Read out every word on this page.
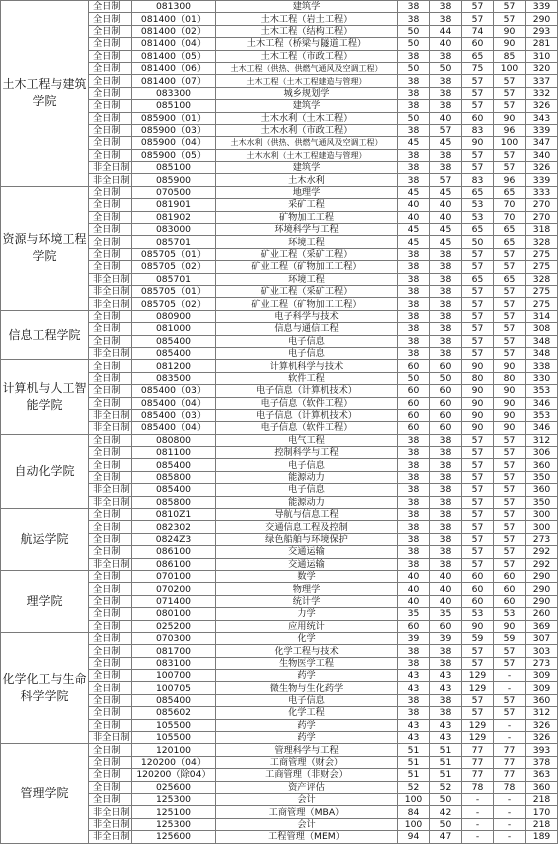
土木工程与建筑学院	全日制	081300	建筑学	38	38	57	57	339
	全日制	081400（01）	土木工程（岩土工程）	38	38	57	57	290
	全日制	081400（02）	土木工程（结构工程）	50	44	74	90	293
	全日制	081400（04）	土木工程（桥梁与隧道工程）	50	40	60	90	281
	全日制	081400（05）	土木工程（市政工程）	38	38	65	85	310
	全日制	081400（06）	土木工程（供热、供燃气通风及空调工程）	50	50	75	100	320
	全日制	081400（07）	土木工程（土木工程建造与管理）	38	38	57	57	337
	全日制	083300	城乡规划学	38	38	57	57	332
	全日制	085100	建筑学	38	38	57	57	326
	全日制	085900（01）	土木水利（土木工程）	50	40	60	90	343
	全日制	085900（03）	土木水利（市政工程）	38	57	83	96	339
	全日制	085900（04）	土木水利（供热、供燃气通风及空调工程）	45	45	90	100	347
	全日制	085900（05）	土木水利（土木工程建造与管理）	38	38	57	57	340
	非全日制	085100	建筑学	38	38	57	57	326
	非全日制	085900	土木水利	38	57	83	96	339
资源与环境工程学院	全日制	070500	地理学	45	45	65	65	333
	全日制	081901	采矿工程	40	40	53	70	270
	全日制	081902	矿物加工工程	40	40	53	70	270
	全日制	083000	环境科学与工程	45	45	65	65	318
	全日制	085701	环境工程	45	45	50	65	328
	全日制	085705（01）	矿业工程（采矿工程）	38	38	57	57	275
	全日制	085705（02）	矿业工程（矿物加工工程）	38	38	57	57	275
	非全日制	085701	环境工程	38	38	65	65	328
	非全日制	085705（01）	矿业工程（采矿工程）	38	38	57	57	275
	非全日制	085705（02）	矿业工程（矿物加工工程）	38	38	57	57	275
信息工程学院	全日制	080900	电子科学与技术	38	38	57	57	314
	全日制	081000	信息与通信工程	38	38	57	57	308
	全日制	085400	电子信息	38	38	57	57	348
	非全日制	085400	电子信息	38	38	57	57	348
计算机与人工智能学院	全日制	081200	计算机科学与技术	60	60	90	90	338
	全日制	083500	软件工程	50	50	80	80	330
	全日制	085400（03）	电子信息（计算机技术）	60	60	90	90	353
	全日制	085400（04）	电子信息（软件工程）	60	60	90	90	346
	非全日制	085400（03）	电子信息（计算机技术）	60	60	90	90	353
	非全日制	085400（04）	电子信息（软件工程）	60	60	90	90	346
自动化学院	全日制	080800	电气工程	38	38	57	57	312
	全日制	081100	控制科学与工程	38	38	57	57	306
	全日制	085400	电子信息	38	38	57	57	360
	全日制	085800	能源动力	38	38	57	57	350
	非全日制	085400	电子信息	38	38	57	57	360
	非全日制	085800	能源动力	38	38	57	57	350
航运学院	全日制	0810Z1	导航与信息工程	38	38	57	57	300
	全日制	082302	交通信息工程及控制	38	38	57	57	300
	全日制	0824Z3	绿色船舶与环境保护	38	38	57	57	273
	全日制	086100	交通运输	38	38	57	57	292
	非全日制	086100	交通运输	38	38	57	57	292
理学院	全日制	070100	数学	40	40	60	60	290
	全日制	070200	物理学	40	40	60	60	290
	全日制	071400	统计学	40	40	60	60	290
	全日制	080100	力学	35	35	53	53	260
	全日制	025200	应用统计	60	60	90	90	369
化学化工与生命科学学院	全日制	070300	化学	39	39	59	59	307
	全日制	081700	化学工程与技术	38	38	57	57	303
	全日制	083100	生物医学工程	38	38	57	57	273
	全日制	100700	药学	43	43	129	-	309
	全日制	100705	微生物与生化药学	43	43	129	-	309
	全日制	085400	电子信息	38	38	57	57	360
	全日制	085602	化学工程	38	38	57	57	312
	全日制	105500	药学	43	43	129	-	326
	非全日制	105500	药学	43	43	129	-	326
管理学院	全日制	120100	管理科学与工程	51	51	77	77	393
	全日制	120200（04）	工商管理（财会）	51	51	77	77	378
	全日制	120200（除04）	工商管理（非财会）	51	51	77	77	363
	全日制	025600	资产评估	52	52	78	78	360
	全日制	125300	会计	100	50	-	-	218
	非全日制	125100	工商管理（MBA）	84	42	-	-	170
	非全日制	125300	会计	100	50	-	-	218
	非全日制	125600	工程管理（MEM）	94	47	-	-	189
